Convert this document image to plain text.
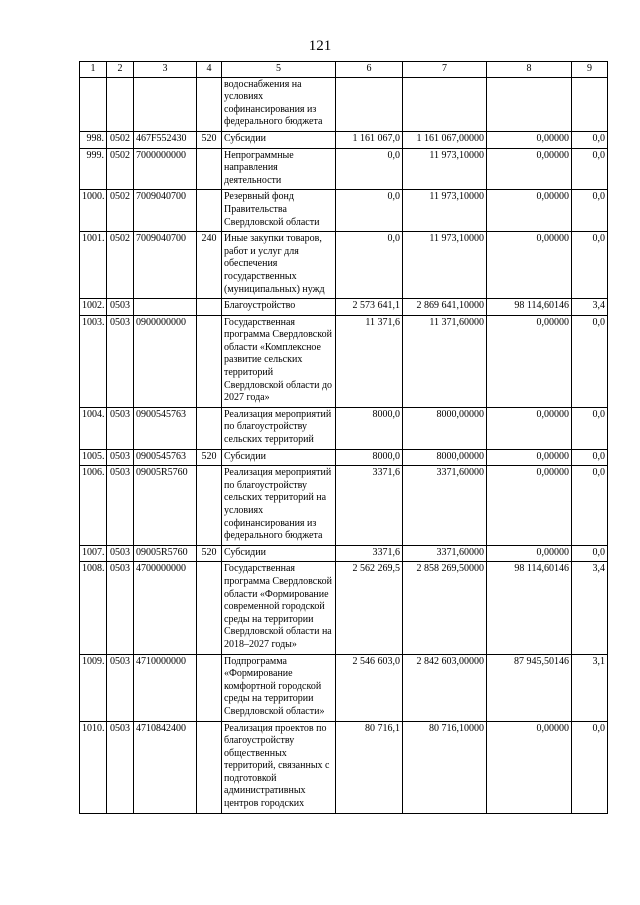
121
1	2	3	4	5	6	7	8	9
				водоснабжения на условиях софинансирования из федерального бюджета				
998.	0502	467F552430	520	Субсидии	1 161 067,0	1 161 067,00000	0,00000	0,0
999.	0502	7000000000		Непрограммные направления деятельности	0,0	11 973,10000	0,00000	0,0
1000.	0502	7009040700		Резервный фонд Правительства Свердловской области	0,0	11 973,10000	0,00000	0,0
1001.	0502	7009040700	240	Иные закупки товаров, работ и услуг для обеспечения государственных (муниципальных) нужд	0,0	11 973,10000	0,00000	0,0
1002.	0503			Благоустройство	2 573 641,1	2 869 641,10000	98 114,60146	3,4
1003.	0503	0900000000		Государственная программа Свердловской области «Комплексное развитие сельских территорий Свердловской области до 2027 года»	11 371,6	11 371,60000	0,00000	0,0
1004.	0503	0900545763		Реализация мероприятий по благоустройству сельских территорий	8000,0	8000,00000	0,00000	0,0
1005.	0503	0900545763	520	Субсидии	8000,0	8000,00000	0,00000	0,0
1006.	0503	09005R5760		Реализация мероприятий по благоустройству сельских территорий на условиях софинансирования из федерального бюджета	3371,6	3371,60000	0,00000	0,0
1007.	0503	09005R5760	520	Субсидии	3371,6	3371,60000	0,00000	0,0
1008.	0503	4700000000		Государственная программа Свердловской области «Формирование современной городской среды на территории Свердловской области на 2018–2027 годы»	2 562 269,5	2 858 269,50000	98 114,60146	3,4
1009.	0503	4710000000		Подпрограмма «Формирование комфортной городской среды на территории Свердловской области»	2 546 603,0	2 842 603,00000	87 945,50146	3,1
1010.	0503	4710842400		Реализация проектов по благоустройству общественных территорий, связанных с подготовкой административных центров городских	80 716,1	80 716,10000	0,00000	0,0
